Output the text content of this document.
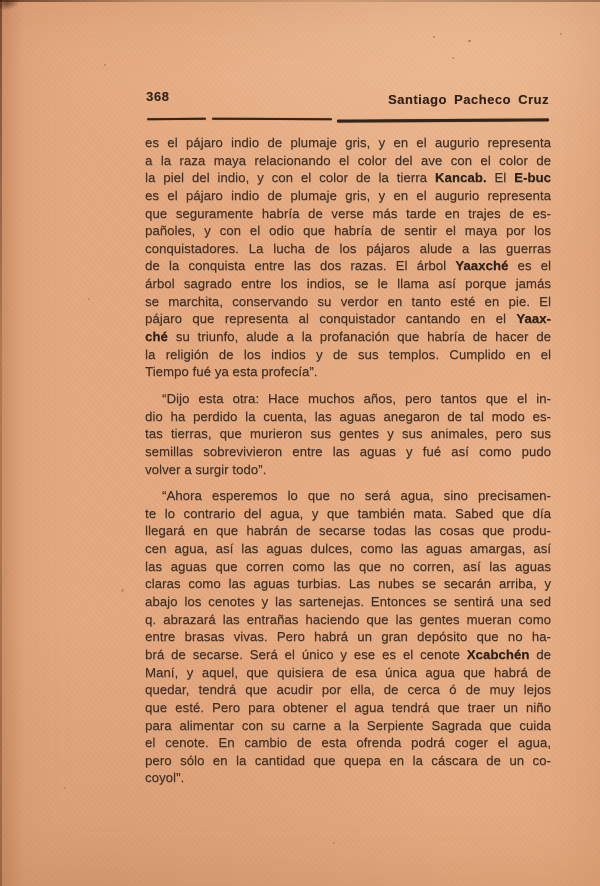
368	Santiago Pacheco Cruz
es el pájaro indio de plumaje gris, y en el augurio representa
a la raza maya relacionando el color del ave con el color de
la piel del indio, y con el color de la tierra Kancab. El E-buc
es el pájaro indio de plumaje gris, y en el augurio representa
que seguramente habría de verse más tarde en trajes de es-
pañoles, y con el odio que habría de sentir el maya por los
conquistadores. La lucha de los pájaros alude a las guerras
de la conquista entre las dos razas. El árbol Yaaxché es el
árbol sagrado entre los indios, se le llama así porque jamás
se marchita, conservando su verdor en tanto esté en pie. El
pájaro que representa al conquistador cantando en el Yaax-
ché su triunfo, alude a la profanación que habría de hacer de
la religión de los indios y de sus templos. Cumplido en el
Tiempo fué ya esta profecía”.
“Dijo esta otra: Hace muchos años, pero tantos que el in-
dio ha perdido la cuenta, las aguas anegaron de tal modo es-
tas tierras, que murieron sus gentes y sus animales, pero sus
semillas sobrevivieron entre las aguas y fué así como pudo
volver a surgir todo”.
“Ahora esperemos lo que no será agua, sino precisamen-
te lo contrario del agua, y que también mata. Sabed que día
llegará en que habrán de secarse todas las cosas que produ-
cen agua, así las aguas dulces, como las aguas amargas, así
las aguas que corren como las que no corren, así las aguas
claras como las aguas turbias. Las nubes se secarán arriba, y
abajo los cenotes y las sartenejas. Entonces se sentirá una sed
q. abrazará las entrañas haciendo que las gentes mueran como
entre brasas vivas. Pero habrá un gran depósito que no ha-
brá de secarse. Será el único y ese es el cenote Xcabchén de
Maní, y aquel, que quisiera de esa única agua que habrá de
quedar, tendrá que acudir por ella, de cerca ó de muy lejos
que esté. Pero para obtener el agua tendrá que traer un niño
para alimentar con su carne a la Serpiente Sagrada que cuida
el cenote. En cambio de esta ofrenda podrá coger el agua,
pero sólo en la cantidad que quepa en la cáscara de un co-
coyol”.
